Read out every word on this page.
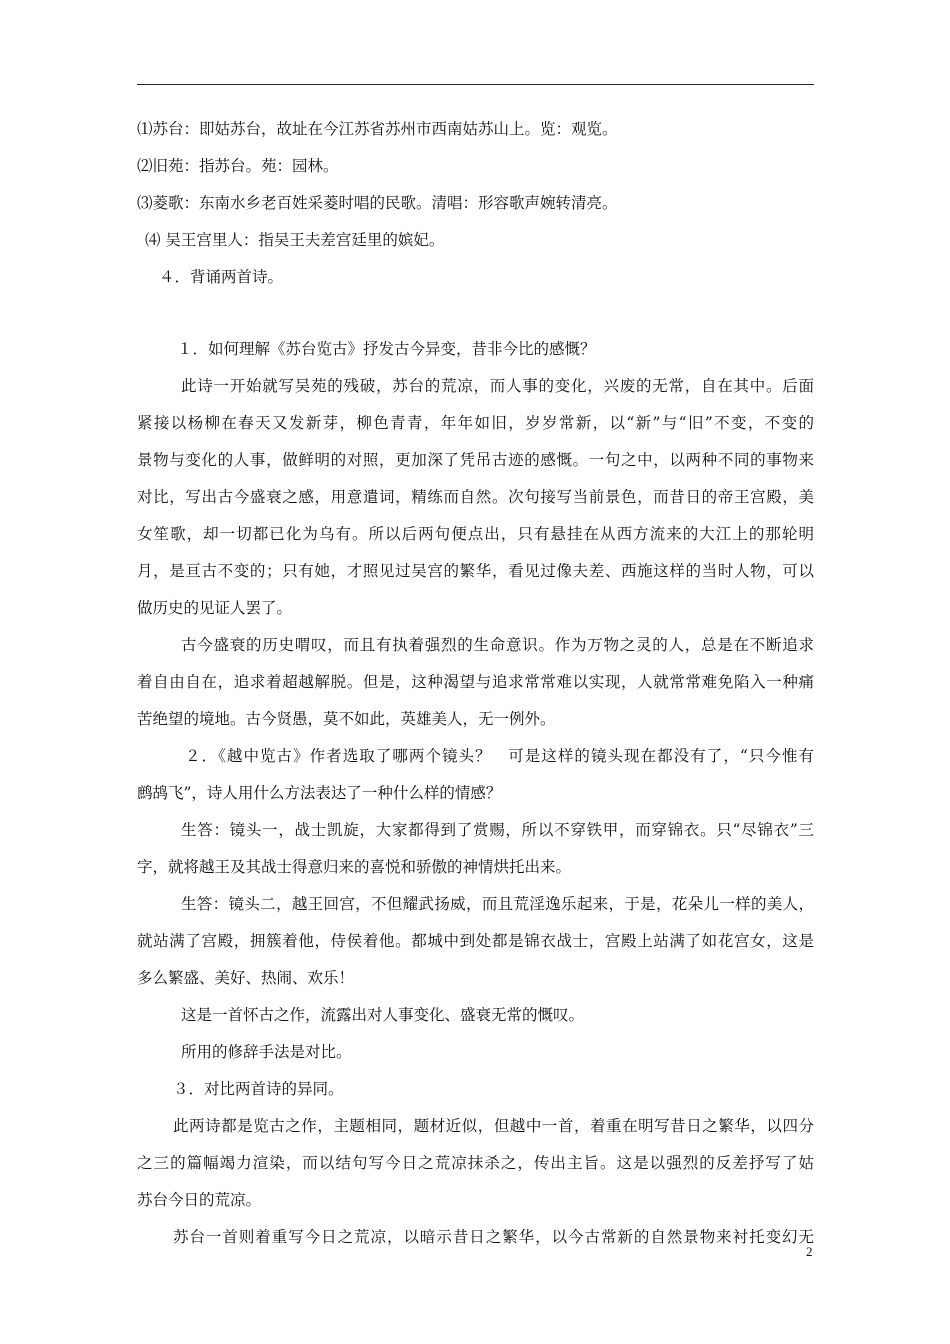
⑴苏台：即姑苏台，故址在今江苏省苏州市西南姑苏山上。览：观览。
⑵旧苑：指苏台。苑：园林。
⑶菱歌：东南水乡老百姓采菱时唱的民歌。清唱：形容歌声婉转清亮。
⑷ 吴王宫里人：指吴王夫差宫廷里的嫔妃。
４．背诵两首诗。
１．如何理解《苏台览古》抒发古今异变，昔非今比的感慨？
此诗一开始就写吴苑的残破，苏台的荒凉，而人事的变化，兴废的无常，自在其中。后面
紧接以杨柳在春天又发新芽，柳色青青，年年如旧，岁岁常新，以“新”与“旧”不变，不变的
景物与变化的人事，做鲜明的对照，更加深了凭吊古迹的感慨。一句之中，以两种不同的事物来
对比，写出古今盛衰之感，用意遣词，精练而自然。次句接写当前景色，而昔日的帝王宫殿，美
女笙歌，却一切都已化为乌有。所以后两句便点出，只有悬挂在从西方流来的大江上的那轮明
月，是亘古不变的；只有她，才照见过吴宫的繁华，看见过像夫差、西施这样的当时人物，可以
做历史的见证人罢了。
古今盛衰的历史喟叹，而且有执着强烈的生命意识。作为万物之灵的人，总是在不断追求
着自由自在，追求着超越解脱。但是，这种渴望与追求常常难以实现，人就常常难免陷入一种痛
苦绝望的境地。古今贤愚，莫不如此，英雄美人，无一例外。
２．《越中览古》作者选取了哪两个镜头？　可是这样的镜头现在都没有了，“只今惟有
鹧鸪飞”，诗人用什么方法表达了一种什么样的情感？
生答：镜头一，战士凯旋，大家都得到了赏赐，所以不穿铁甲，而穿锦衣。只“尽锦衣”三
字，就将越王及其战士得意归来的喜悦和骄傲的神情烘托出来。
生答：镜头二，越王回宫，不但耀武扬威，而且荒淫逸乐起来，于是，花朵儿一样的美人，
就站满了宫殿，拥簇着他，侍侯着他。都城中到处都是锦衣战士，宫殿上站满了如花宫女，这是
多么繁盛、美好、热闹、欢乐！
这是一首怀古之作，流露出对人事变化、盛衰无常的慨叹。
所用的修辞手法是对比。
３．对比两首诗的异同。
此两诗都是览古之作，主题相同，题材近似，但越中一首，着重在明写昔日之繁华，以四分
之三的篇幅竭力渲染，而以结句写今日之荒凉抹杀之，传出主旨。这是以强烈的反差抒写了姑
苏台今日的荒凉。
苏台一首则着重写今日之荒凉，以暗示昔日之繁华，以今古常新的自然景物来衬托变幻无
2
